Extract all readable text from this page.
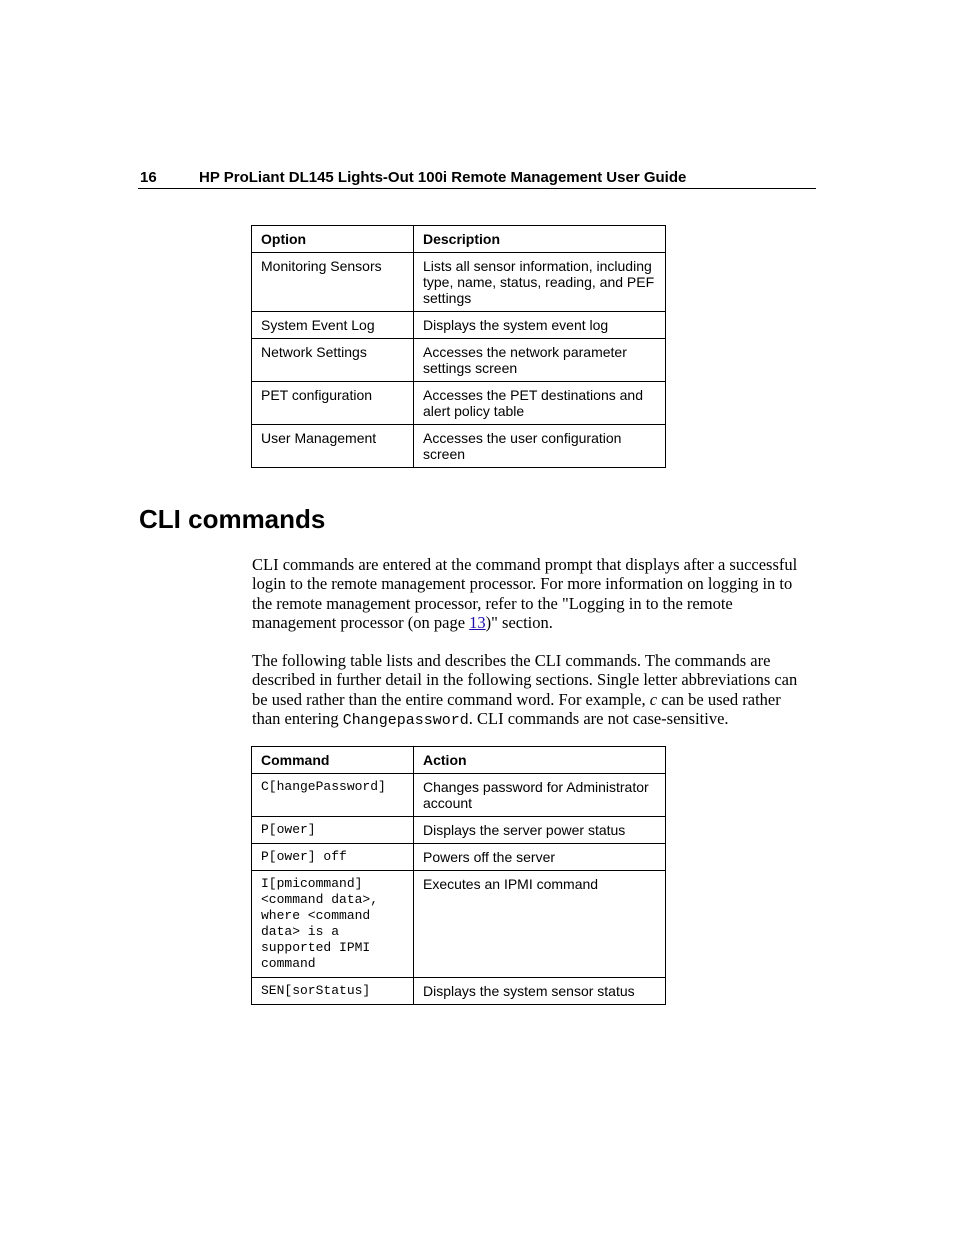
16	HP ProLiant DL145 Lights-Out 100i Remote Management User Guide
Option	Description
Monitoring Sensors	Lists all sensor information, including type, name, status, reading, and PEF settings
System Event Log	Displays the system event log
Network Settings	Accesses the network parameter settings screen
PET configuration	Accesses the PET destinations and alert policy table
User Management	Accesses the user configuration screen
CLI commands

CLI commands are entered at the command prompt that displays after a successful login to the remote management processor. For more information on logging in to the remote management processor, refer to the "Logging in to the remote management processor (on page 13)" section.

The following table lists and describes the CLI commands. The commands are described in further detail in the following sections. Single letter abbreviations can be used rather than the entire command word. For example, c can be used rather than entering Changepassword. CLI commands are not case-sensitive.

Command	Action
C[hangePassword]	Changes password for Administrator account
P[ower]	Displays the server power status
P[ower] off	Powers off the server
I[pmicommand] <command data>, where <command data> is a supported IPMI command	Executes an IPMI command
SEN[sorStatus]	Displays the system sensor status
